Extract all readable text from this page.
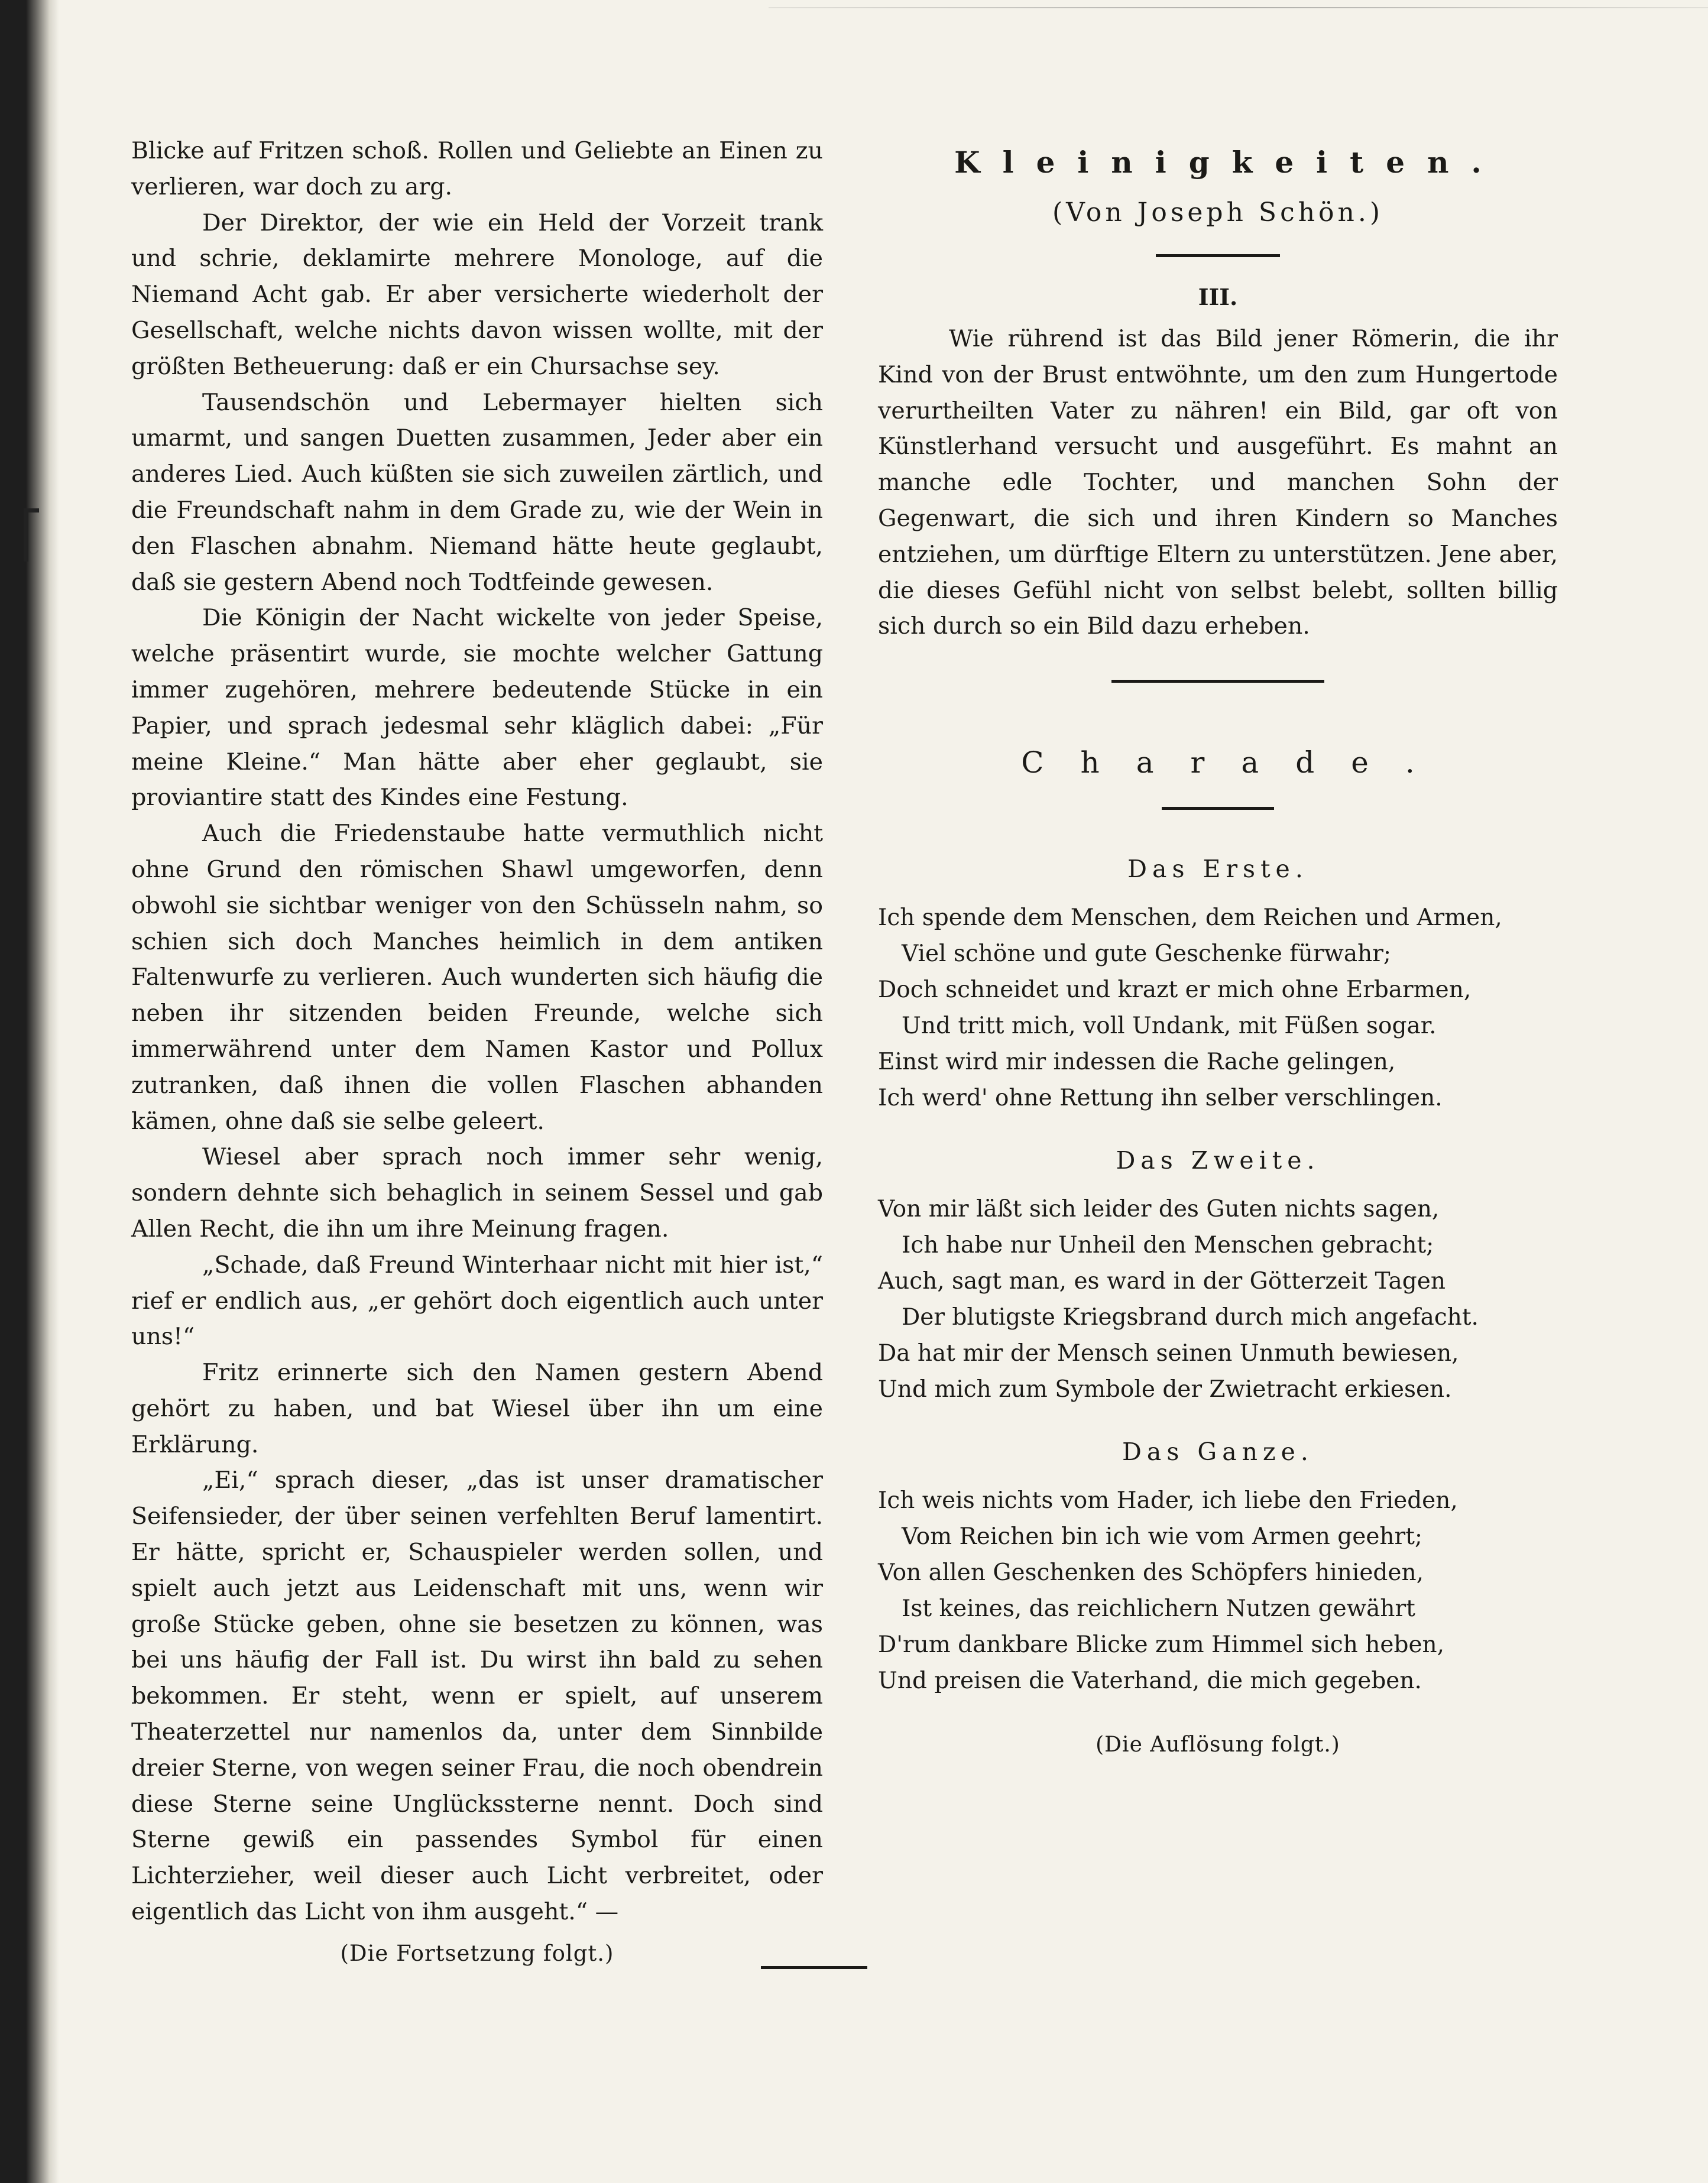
Blicke auf Fritzen schoß. Rollen und Geliebte an Einen zu verlieren, war doch zu arg.

Der Direktor, der wie ein Held der Vorzeit trank und schrie, deklamirte mehrere Monologe, auf die Niemand Acht gab. Er aber versicherte wiederholt der Gesellschaft, welche nichts davon wissen wollte, mit der größten Betheuerung: daß er ein Chursachse sey.

Tausendschön und Lebermayer hielten sich umarmt, und sangen Duetten zusammen, Jeder aber ein anderes Lied. Auch küßten sie sich zuweilen zärtlich, und die Freundschaft nahm in dem Grade zu, wie der Wein in den Flaschen abnahm. Niemand hätte heute geglaubt, daß sie gestern Abend noch Todtfeinde gewesen.

Die Königin der Nacht wickelte von jeder Speise, welche präsentirt wurde, sie mochte welcher Gattung immer zugehören, mehrere bedeutende Stücke in ein Papier, und sprach jedesmal sehr kläglich dabei: „Für meine Kleine.“ Man hätte aber eher geglaubt, sie proviantire statt des Kindes eine Festung.

Auch die Friedenstaube hatte vermuthlich nicht ohne Grund den römischen Shawl umgeworfen, denn obwohl sie sichtbar weniger von den Schüsseln nahm, so schien sich doch Manches heimlich in dem antiken Faltenwurfe zu verlieren. Auch wunderten sich häufig die neben ihr sitzenden beiden Freunde, welche sich immerwährend unter dem Namen Kastor und Pollux zutranken, daß ihnen die vollen Flaschen abhanden kämen, ohne daß sie selbe geleert.

Wiesel aber sprach noch immer sehr wenig, sondern dehnte sich behaglich in seinem Sessel und gab Allen Recht, die ihn um ihre Meinung fragen.

„Schade, daß Freund Winterhaar nicht mit hier ist,“ rief er endlich aus, „er gehört doch eigentlich auch unter uns!“

Fritz erinnerte sich den Namen gestern Abend gehört zu haben, und bat Wiesel über ihn um eine Erklärung.

„Ei,“ sprach dieser, „das ist unser dramatischer Seifensieder, der über seinen verfehlten Beruf lamentirt. Er hätte, spricht er, Schauspieler werden sollen, und spielt auch jetzt aus Leidenschaft mit uns, wenn wir große Stücke geben, ohne sie besetzen zu können, was bei uns häufig der Fall ist. Du wirst ihn bald zu sehen bekommen. Er steht, wenn er spielt, auf unserem Theaterzettel nur namenlos da, unter dem Sinnbilde dreier Sterne, von wegen seiner Frau, die noch obendrein diese Sterne seine Unglückssterne nennt. Doch sind Sterne gewiß ein passendes Symbol für einen Lichterzieher, weil dieser auch Licht verbreitet, oder eigentlich das Licht von ihm ausgeht.“ —

(Die Fortsetzung folgt.)
Kleinigkeiten.
(Von Joseph Schön.)
III.

Wie rührend ist das Bild jener Römerin, die ihr Kind von der Brust entwöhnte, um den zum Hungertode verurtheilten Vater zu nähren! ein Bild, gar oft von Künstlerhand versucht und ausgeführt. Es mahnt an manche edle Tochter, und manchen Sohn der Gegenwart, die sich und ihren Kindern so Manches entziehen, um dürftige Eltern zu unterstützen. Jene aber, die dieses Gefühl nicht von selbst belebt, sollten billig sich durch so ein Bild dazu erheben.

Charade.
Das Erste.
Ich spende dem Menschen, dem Reichen und Armen,
Viel schöne und gute Geschenke fürwahr;
Doch schneidet und krazt er mich ohne Erbarmen,
Und tritt mich, voll Undank, mit Füßen sogar.
Einst wird mir indessen die Rache gelingen,
Ich werd' ohne Rettung ihn selber verschlingen.
Das Zweite.
Von mir läßt sich leider des Guten nichts sagen,
Ich habe nur Unheil den Menschen gebracht;
Auch, sagt man, es ward in der Götterzeit Tagen
Der blutigste Kriegsbrand durch mich angefacht.
Da hat mir der Mensch seinen Unmuth bewiesen,
Und mich zum Symbole der Zwietracht erkiesen.
Das Ganze.
Ich weis nichts vom Hader, ich liebe den Frieden,
Vom Reichen bin ich wie vom Armen geehrt;
Von allen Geschenken des Schöpfers hinieden,
Ist keines, das reichlichern Nutzen gewährt
D'rum dankbare Blicke zum Himmel sich heben,
Und preisen die Vaterhand, die mich gegeben.
(Die Auflösung folgt.)
